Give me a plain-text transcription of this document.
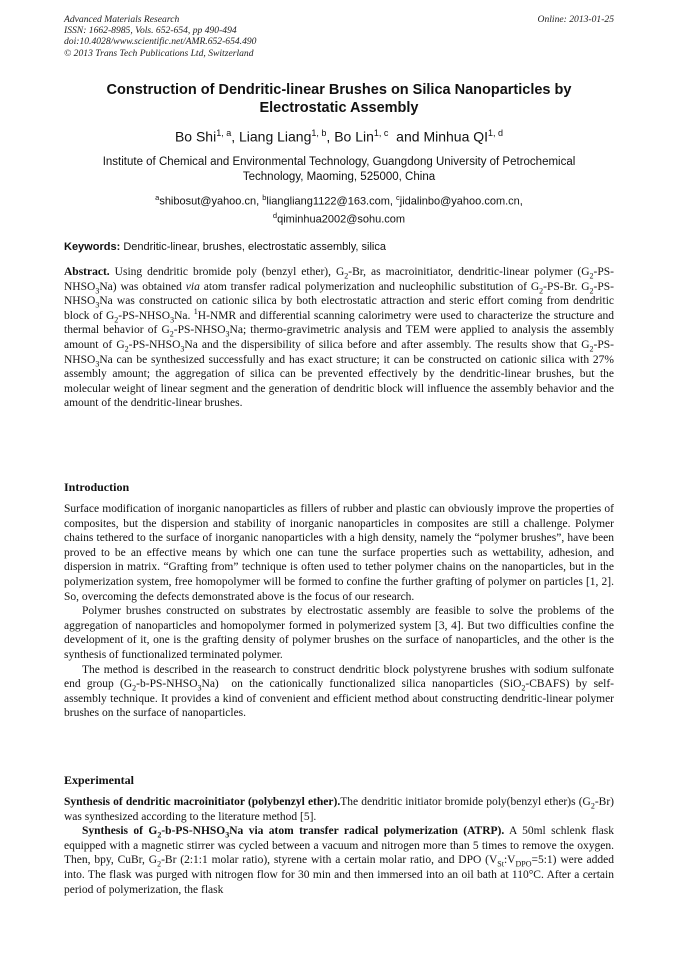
Advanced Materials Research
ISSN: 1662-8985, Vols. 652-654, pp 490-494
doi:10.4028/www.scientific.net/AMR.652-654.490
© 2013 Trans Tech Publications Ltd, Switzerland
Online: 2013-01-25
Construction of Dendritic-linear Brushes on Silica Nanoparticles by
Electrostatic Assembly
Bo Shi$^{1, a}$, Liang Liang$^{1, b}$, Bo Lin$^{1, c}$  and Minhua QI$^{1, d}$
Institute of Chemical and Environmental Technology, Guangdong University of Petrochemical
Technology, Maoming, 525000, China
$^a$shibosut@yahoo.cn, $^b$liangliang1122@163.com, $^c$jidalinbo@yahoo.com.cn,
$^d$qiminhua2002@sohu.com
Keywords: Dendritic-linear, brushes, electrostatic assembly, silica

Abstract. Using dendritic bromide poly (benzyl ether), $G_2-Br$, as macroinitiator, dendritic-linear polymer $(G_2-PS-NHSO_3Na)$ was obtained via atom transfer radical polymerization and nucleophilic substitution of $G_2-PS-Br$. $G_2-PS-NHSO_3Na$ was constructed on cationic silica by both electrostatic attraction and steric effort coming from dendritic block of $G_2-PS-NHSO_3Na$. $^1$H-NMR and differential scanning calorimetry were used to characterize the structure and thermal behavior of $G_2-PS-NHSO_3Na$; thermo-gravimetric analysis and TEM were applied to analysis the assembly amount of $G_2-PS-NHSO_3Na$ and the dispersibility of silica before and after assembly. The results show that $G_2-PS-NHSO_3Na$ can be synthesized successfully and has exact structure; it can be constructed on cationic silica with 27% assembly amount; the aggregation of silica can be prevented effectively by the dendritic-linear brushes, but the molecular weight of linear segment and the generation of dendritic block will influence the assembly behavior and the amount of the dendritic-linear brushes.

Introduction

Surface modification of inorganic nanoparticles as fillers of rubber and plastic can obviously improve the properties of composites, but the dispersion and stability of inorganic nanoparticles in composites are still a challenge. Polymer chains tethered to the surface of inorganic nanoparticles with a high density, namely the “polymer brushes”, have been proved to be an effective means by which one can tune the surface properties such as wettability, adhesion, and dispersion in matrix. “Grafting from” technique is often used to tether polymer chains on the nanoparticles, but in the polymerization system, free homopolymer will be formed to confine the further grafting of polymer on particles [1, 2]. So, overcoming the defects demonstrated above is the focus of our research.

Polymer brushes constructed on substrates by electrostatic assembly are feasible to solve the problems of the aggregation of nanoparticles and homopolymer formed in polymerized system [3, 4]. But two difficulties confine the development of it, one is the grafting density of polymer brushes on the surface of nanoparticles, and the other is the synthesis of functionalized terminated polymer.

The method is described in the reasearch to construct dendritic block polystyrene brushes with sodium sulfonate end group $(G_2-b-PS-NHSO_3Na)$  on the cationically functionalized silica nanoparticles (SiO$_2$-CBAFS) by self-assembly technique. It provides a kind of convenient and efficient method about constructing dendritic-linear polymer brushes on the surface of nanoparticles.

Experimental

Synthesis of dendritic macroinitiator (polybenzyl ether).The dendritic initiator bromide poly(benzyl ether)s $(G_2-Br)$ was synthesized according to the literature method [5].

Synthesis of $G_2-b-PS-NHSO_3Na$ via atom transfer radical polymerization (ATRP). A 50ml schlenk flask equipped with a magnetic stirrer was cycled between a vacuum and nitrogen more than 5 times to remove the oxygen. Then, bpy, CuBr, $G_2-Br$ (2:1:1 molar ratio), styrene with a certain molar ratio, and DPO $(V_{St}:V_{DPO}=5:1)$ were added into. The flask was purged with nitrogen flow for 30 min and then immersed into an oil bath at 110°C. After a certain period of polymerization, the flask
